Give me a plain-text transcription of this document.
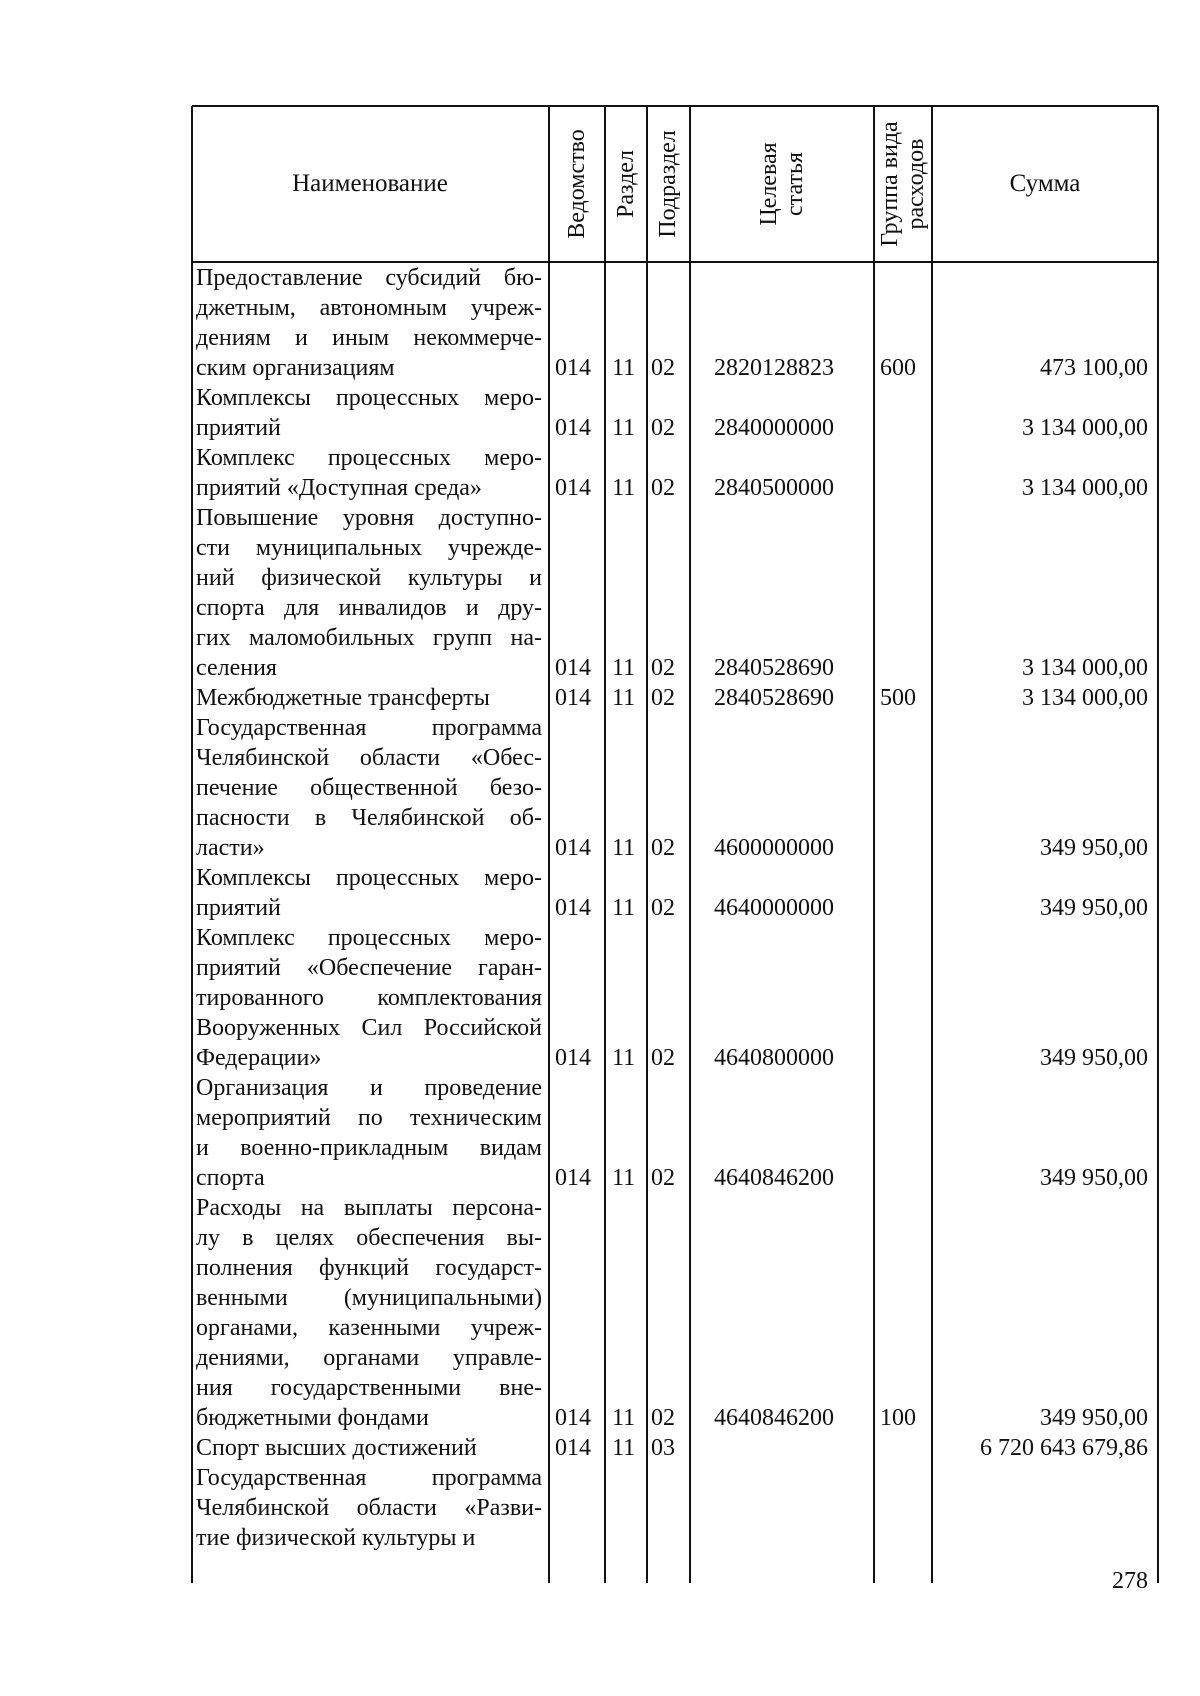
Наименование	Ведомство Раздел Подраздел	Целевая статья	Группа вида расходов	Сумма
Предоставление субсидий бю-
джетным, автономным учреж-
дениям и иным некоммерче-
ским организациям	014 11 02 2820128823 600	473 100,00
Комплексы процессных меро-
приятий	014 11 02 2840000000	3 134 000,00
Комплекс процессных меро-
приятий «Доступная среда»	014 11 02 2840500000	3 134 000,00
Повышение уровня доступно-
сти муниципальных учрежде-
ний физической культуры и
спорта для инвалидов и дру-
гих маломобильных групп на-
селения	014 11 02 2840528690	3 134 000,00
Межбюджетные трансферты	014 11 02 2840528690 500	3 134 000,00
Государственная программа
Челябинской области «Обес-
печение общественной безо-
пасности в Челябинской об-
ласти»	014 11 02 4600000000	349 950,00
Комплексы процессных меро-
приятий	014 11 02 4640000000	349 950,00
Комплекс процессных меро-
приятий «Обеспечение гаран-
тированного комплектования
Вооруженных Сил Российской
Федерации»	014 11 02 4640800000	349 950,00
Организация и проведение
мероприятий по техническим
и военно-прикладным видам
спорта	014 11 02 4640846200	349 950,00
Расходы на выплаты персона-
лу в целях обеспечения вы-
полнения функций государст-
венными (муниципальными)
органами, казенными учреж-
дениями, органами управле-
ния государственными вне-
бюджетными фондами	014 11 02 4640846200 100	349 950,00
Спорт высших достижений	014 11 03	6 720 643 679,86
Государственная программа
Челябинской области «Разви-
тие физической культуры и
278
